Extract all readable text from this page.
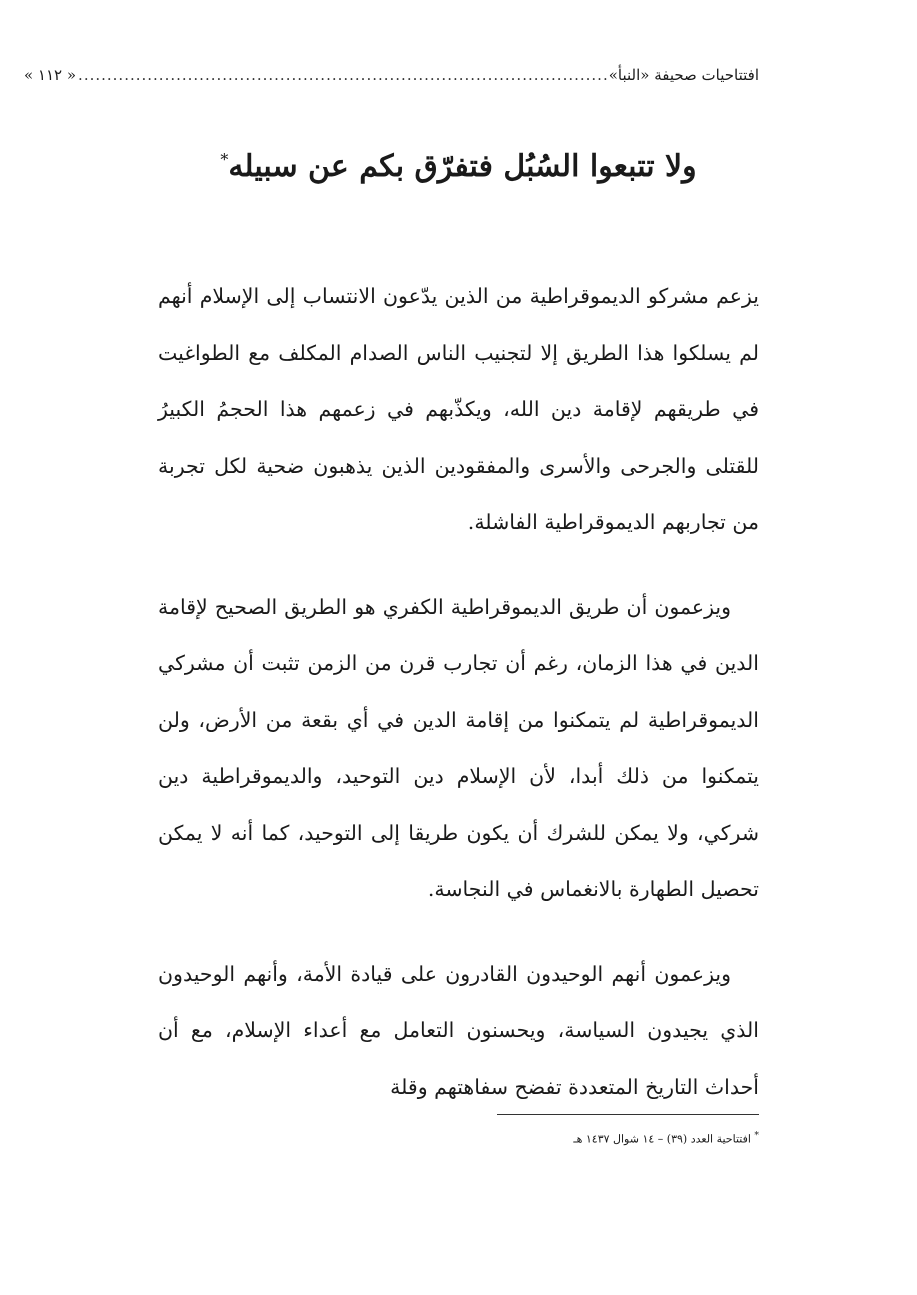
افتتاحيات صحيفة «النبأ»
............................................................................................
« ١١٢ »
ولا تتبعوا السُبُل فتفرّق بكم عن سبيله*

يزعم مشركو الديموقراطية من الذين يدّعون الانتساب إلى الإسلام أنهم لم يسلكوا هذا الطريق إلا لتجنيب الناس الصدام المكلف مع الطواغيت في طريقهم لإقامة دين الله، ويكذّبهم في زعمهم هذا الحجمُ الكبيرُ للقتلى والجرحى والأسرى والمفقودين الذين يذهبون ضحية لكل تجربة من تجاربهم الديموقراطية الفاشلة.

ويزعمون أن طريق الديموقراطية الكفري هو الطريق الصحيح لإقامة الدين في هذا الزمان، رغم أن تجارب قرن من الزمن تثبت أن مشركي الديموقراطية لم يتمكنوا من إقامة الدين في أي بقعة من الأرض، ولن يتمكنوا من ذلك أبدا، لأن الإسلام دين التوحيد، والديموقراطية دين شركي، ولا يمكن للشرك أن يكون طريقا إلى التوحيد، كما أنه لا يمكن تحصيل الطهارة بالانغماس في النجاسة.

ويزعمون أنهم الوحيدون القادرون على قيادة الأمة، وأنهم الوحيدون الذي يجيدون السياسة، ويحسنون التعامل مع أعداء الإسلام، مع أن أحداث التاريخ المتعددة تفضح سفاهتهم وقلة

* افتتاحية العدد (٣٩) – ١٤ شوال ١٤٣٧ هـ
